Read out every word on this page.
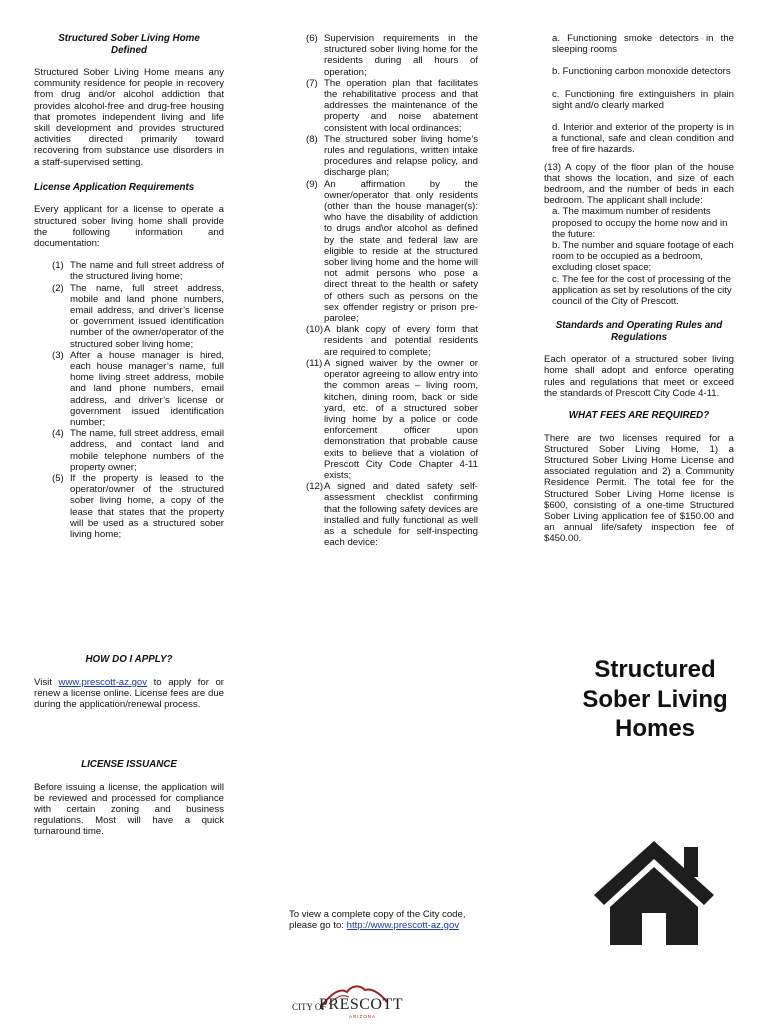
Structured Sober Living Home Defined

Structured Sober Living Home means any community residence for people in recovery from drug and/or alcohol addiction that provides alcohol-free and drug-free housing that promotes independent living and life skill development and provides structured activities directed primarily toward recovering from substance use disorders in a staff-supervised setting.

License Application Requirements

Every applicant for a license to operate a structured sober living home shall provide the following information and documentation:

(1) The name and full street address of the structured living home;
(2) The name, full street address, mobile and land phone numbers, email address, and driver’s license or government issued identification number of the owner/operator of the structured sober living home;
(3) After a house manager is hired, each house manager’s name, full home living street address, mobile and land phone numbers, email address, and driver’s license or government issued identification number;
(4) The name, full street address, email address, and contact land and mobile telephone numbers of the property owner;
(5) If the property is leased to the operator/owner of the structured sober living home, a copy of the lease that states that the property will be used as a structured sober living home;

HOW DO I APPLY?

Visit www.prescott-az.gov to apply for or renew a license online. License fees are due during the application/renewal process.

LICENSE ISSUANCE

Before issuing a license, the application will be reviewed and processed for compliance with certain zoning and business regulations. Most will have a quick turnaround time.

(6) Supervision requirements in the structured sober living home for the residents during all hours of operation;
(7) The operation plan that facilitates the rehabilitative process and that addresses the maintenance of the property and noise abatement consistent with local ordinances;
(8) The structured sober living home’s rules and regulations, written intake procedures and relapse policy, and discharge plan;
(9) An affirmation by the owner/operator that only residents (other than the house manager(s): who have the disability of addiction to drugs and\or alcohol as defined by the state and federal law are eligible to reside at the structured sober living home and the home will not admit persons who pose a direct threat to the health or safety of others such as persons on the sex offender registry or prison pre-parolee;
(10) A blank copy of every form that residents and potential residents are required to complete;
(11) A signed waiver by the owner or operator agreeing to allow entry into the common areas – living room, kitchen, dining room, back or side yard, etc. of a structured sober living home by a police or code enforcement officer upon demonstration that probable cause exits to believe that a violation of Prescott City Code Chapter 4-11 exists;
(12) A signed and dated safety self-assessment checklist confirming that the following safety devices are installed and fully functional as well as a schedule for self-inspecting each device:
To view a complete copy of the City code,
please go to: http://www.prescott-az.gov
CITY OF
PRESCOTT
ARIZONA

a. Functioning smoke detectors in the sleeping rooms

b. Functioning carbon monoxide detectors

c. Functioning fire extinguishers in plain sight and/o clearly marked

d. Interior and exterior of the property is in a functional, safe and clean condition and free of fire hazards.

(13) A copy of the floor plan of the house that shows the location, and size of each bedroom, and the number of beds in each bedroom. The applicant shall include:

a. The maximum number of residents proposed to occupy the home now and in the future:

b. The number and square footage of each room to be occupied as a bedroom, excluding closet space;

c. The fee for the cost of processing of the application as set by resolutions of the city council of the City of Prescott.

Standards and Operating Rules and Regulations

Each operator of a structured sober living home shall adopt and enforce operating rules and regulations that meet or exceed the standards of Prescott City Code 4-11.

WHAT FEES ARE REQUIRED?

There are two licenses required for a Structured Sober Living Home, 1) a Structured Sober Living Home License and associated regulation and 2) a Community Residence Permit. The total fee for the Structured Sober Living Home license is $600, consisting of a one-time Structured Sober Living application fee of $150.00 and an annual life/safety inspection fee of $450.00.

Structured
Sober Living
Homes
